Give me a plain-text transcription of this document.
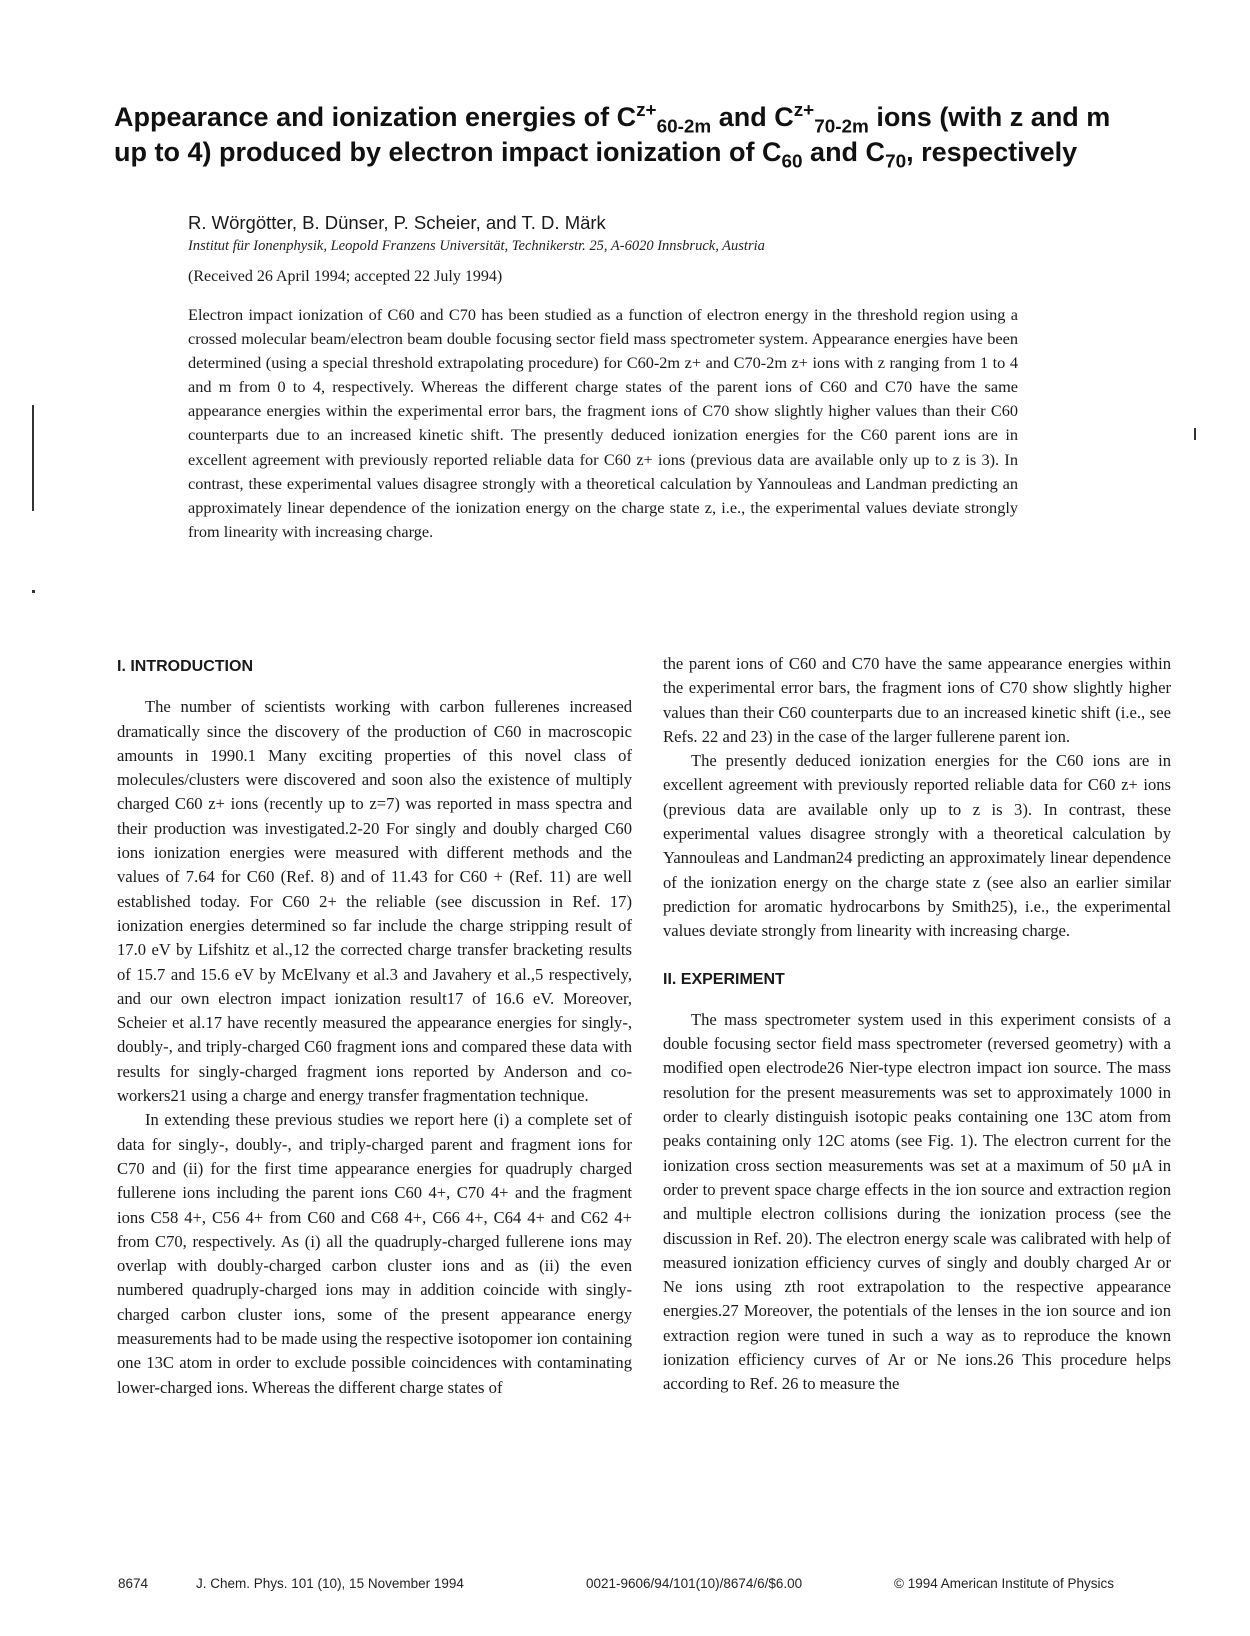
Appearance and ionization energies of $C^{z+}_{60-2m}$ and $C^{z+}_{70-2m}$ ions (with z and m up to 4) produced by electron impact ionization of $C_{60}$ and $C_{70}$, respectively
R. Wörgötter, B. Dünser, P. Scheier, and T. D. Märk
Institut für Ionenphysik, Leopold Franzens Universität, Technikerstr. 25, A-6020 Innsbruck, Austria
(Received 26 April 1994; accepted 22 July 1994)
Electron impact ionization of C60 and C70 has been studied as a function of electron energy in the threshold region using a crossed molecular beam/electron beam double focusing sector field mass spectrometer system. Appearance energies have been determined (using a special threshold extrapolating procedure) for C60-2m z+ and C70-2m z+ ions with z ranging from 1 to 4 and m from 0 to 4, respectively. Whereas the different charge states of the parent ions of C60 and C70 have the same appearance energies within the experimental error bars, the fragment ions of C70 show slightly higher values than their C60 counterparts due to an increased kinetic shift. The presently deduced ionization energies for the C60 parent ions are in excellent agreement with previously reported reliable data for C60 z+ ions (previous data are available only up to z is 3). In contrast, these experimental values disagree strongly with a theoretical calculation by Yannouleas and Landman predicting an approximately linear dependence of the ionization energy on the charge state z, i.e., the experimental values deviate strongly from linearity with increasing charge.
I. INTRODUCTION

The number of scientists working with carbon fullerenes increased dramatically since the discovery of the production of C60 in macroscopic amounts in 1990.1 Many exciting properties of this novel class of molecules/clusters were discovered and soon also the existence of multiply charged C60 z+ ions (recently up to z=7) was reported in mass spectra and their production was investigated.2-20 For singly and doubly charged C60 ions ionization energies were measured with different methods and the values of 7.64 for C60 (Ref. 8) and of 11.43 for C60 + (Ref. 11) are well established today. For C60 2+ the reliable (see discussion in Ref. 17) ionization energies determined so far include the charge stripping result of 17.0 eV by Lifshitz et al.,12 the corrected charge transfer bracketing results of 15.7 and 15.6 eV by McElvany et al.3 and Javahery et al.,5 respectively, and our own electron impact ionization result17 of 16.6 eV. Moreover, Scheier et al.17 have recently measured the appearance energies for singly-, doubly-, and triply-charged C60 fragment ions and compared these data with results for singly-charged fragment ions reported by Anderson and co-workers21 using a charge and energy transfer fragmentation technique.

In extending these previous studies we report here (i) a complete set of data for singly-, doubly-, and triply-charged parent and fragment ions for C70 and (ii) for the first time appearance energies for quadruply charged fullerene ions including the parent ions C60 4+, C70 4+ and the fragment ions C58 4+, C56 4+ from C60 and C68 4+, C66 4+, C64 4+ and C62 4+ from C70, respectively. As (i) all the quadruply-charged fullerene ions may overlap with doubly-charged carbon cluster ions and as (ii) the even numbered quadruply-charged ions may in addition coincide with singly-charged carbon cluster ions, some of the present appearance energy measurements had to be made using the respective isotopomer ion containing one 13C atom in order to exclude possible coincidences with contaminating lower-charged ions. Whereas the different charge states of

the parent ions of C60 and C70 have the same appearance energies within the experimental error bars, the fragment ions of C70 show slightly higher values than their C60 counterparts due to an increased kinetic shift (i.e., see Refs. 22 and 23) in the case of the larger fullerene parent ion.

The presently deduced ionization energies for the C60 ions are in excellent agreement with previously reported reliable data for C60 z+ ions (previous data are available only up to z is 3). In contrast, these experimental values disagree strongly with a theoretical calculation by Yannouleas and Landman24 predicting an approximately linear dependence of the ionization energy on the charge state z (see also an earlier similar prediction for aromatic hydrocarbons by Smith25), i.e., the experimental values deviate strongly from linearity with increasing charge.

II. EXPERIMENT

The mass spectrometer system used in this experiment consists of a double focusing sector field mass spectrometer (reversed geometry) with a modified open electrode26 Nier-type electron impact ion source. The mass resolution for the present measurements was set to approximately 1000 in order to clearly distinguish isotopic peaks containing one 13C atom from peaks containing only 12C atoms (see Fig. 1). The electron current for the ionization cross section measurements was set at a maximum of 50 μA in order to prevent space charge effects in the ion source and extraction region and multiple electron collisions during the ionization process (see the discussion in Ref. 20). The electron energy scale was calibrated with help of measured ionization efficiency curves of singly and doubly charged Ar or Ne ions using zth root extrapolation to the respective appearance energies.27 Moreover, the potentials of the lenses in the ion source and ion extraction region were tuned in such a way as to reproduce the known ionization efficiency curves of Ar or Ne ions.26 This procedure helps according to Ref. 26 to measure the

8674	J. Chem. Phys. 101 (10), 15 November 1994	0021-9606/94/101(10)/8674/6/$6.00	© 1994 American Institute of Physics
